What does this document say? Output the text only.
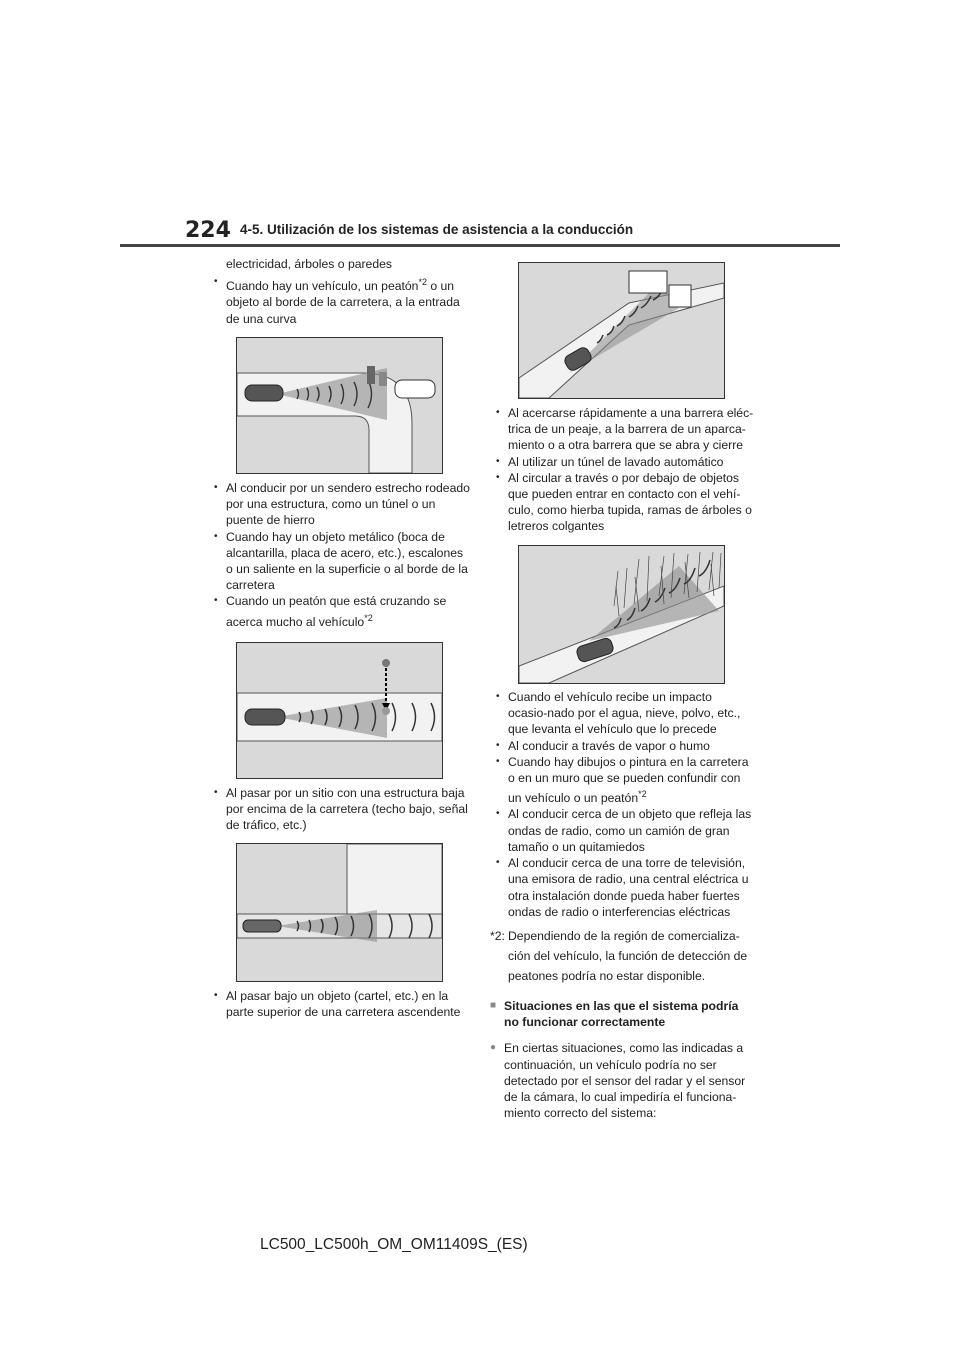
224 4-5. Utilización de los sistemas de asistencia a la conducción

electricidad, árboles o paredes

• Cuando hay un vehículo, un peatón$^{*2}$ o un objeto al borde de la carretera, a la entrada de una curva

• Al conducir por un sendero estrecho rodeado por una estructura, como un túnel o un puente de hierro

• Cuando hay un objeto metálico (boca de alcantarilla, placa de acero, etc.), escalones o un saliente en la superficie o al borde de la carretera

• Cuando un peatón que está cruzando se acerca mucho al vehículo$^{*2}$

• Al pasar por un sitio con una estructura baja por encima de la carretera (techo bajo, señal de tráfico, etc.)

• Al pasar bajo un objeto (cartel, etc.) en la parte superior de una carretera ascendente

• Al acercarse rápidamente a una barrera eléc-trica de un peaje, a la barrera de un aparca-miento o a otra barrera que se abra y cierre

• Al utilizar un túnel de lavado automático

• Al circular a través o por debajo de objetos que pueden entrar en contacto con el vehí-culo, como hierba tupida, ramas de árboles o letreros colgantes

• Cuando el vehículo recibe un impacto ocasio-nado por el agua, nieve, polvo, etc., que levanta el vehículo que lo precede

• Al conducir a través de vapor o humo

• Cuando hay dibujos o pintura en la carretera o en un muro que se pueden confundir con un vehículo o un peatón$^{*2}$

• Al conducir cerca de un objeto que refleja las ondas de radio, como un camión de gran tamaño o un quitamiedos

• Al conducir cerca de una torre de televisión, una emisora de radio, una central eléctrica u otra instalación donde pueda haber fuertes ondas de radio o interferencias eléctricas

*2: Dependiendo de la región de comercializa-ción del vehículo, la función de detección de peatones podría no estar disponible.

■ Situaciones en las que el sistema podría no funcionar correctamente

● En ciertas situaciones, como las indicadas a continuación, un vehículo podría no ser detectado por el sensor del radar y el sensor de la cámara, lo cual impediría el funciona-miento correcto del sistema:

LC500_LC500h_OM_OM11409S_(ES)
